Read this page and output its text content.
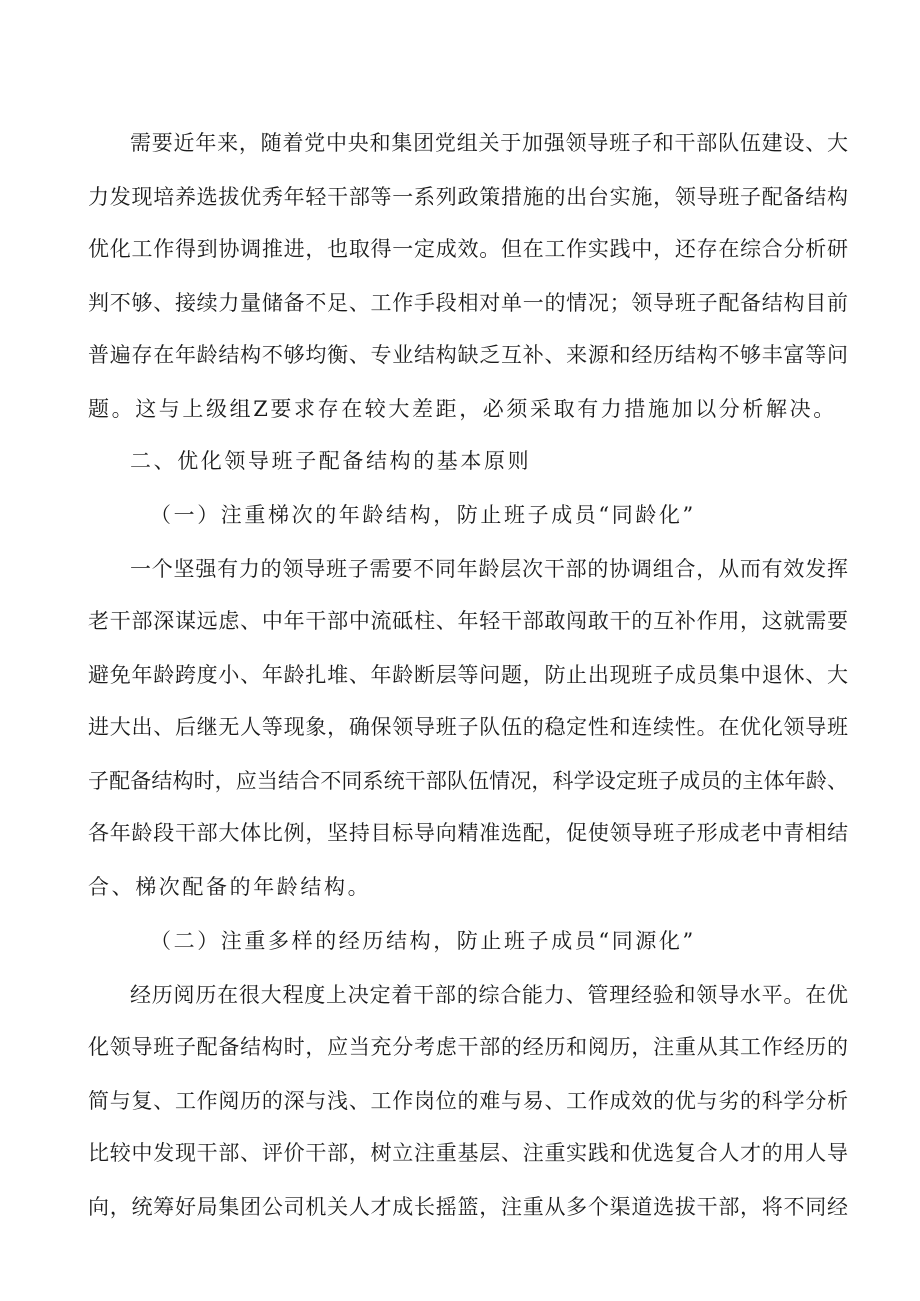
需要近年来，随着党中央和集团党组关于加强领导班子和干部队伍建设、大
力发现培养选拔优秀年轻干部等一系列政策措施的出台实施，领导班子配备结构
优化工作得到协调推进，也取得一定成效。但在工作实践中，还存在综合分析研
判不够、接续力量储备不足、工作手段相对单一的情况；领导班子配备结构目前
普遍存在年龄结构不够均衡、专业结构缺乏互补、来源和经历结构不够丰富等问
题。这与上级组Z要求存在较大差距，必须采取有力措施加以分析解决。
二、优化领导班子配备结构的基本原则
（一）注重梯次的年龄结构，防止班子成员“同龄化”
一个坚强有力的领导班子需要不同年龄层次干部的协调组合，从而有效发挥
老干部深谋远虑、中年干部中流砥柱、年轻干部敢闯敢干的互补作用，这就需要
避免年龄跨度小、年龄扎堆、年龄断层等问题，防止出现班子成员集中退休、大
进大出、后继无人等现象，确保领导班子队伍的稳定性和连续性。在优化领导班
子配备结构时，应当结合不同系统干部队伍情况，科学设定班子成员的主体年龄、
各年龄段干部大体比例，坚持目标导向精准选配，促使领导班子形成老中青相结
合、梯次配备的年龄结构。
（二）注重多样的经历结构，防止班子成员“同源化”
经历阅历在很大程度上决定着干部的综合能力、管理经验和领导水平。在优
化领导班子配备结构时，应当充分考虑干部的经历和阅历，注重从其工作经历的
简与复、工作阅历的深与浅、工作岗位的难与易、工作成效的优与劣的科学分析
比较中发现干部、评价干部，树立注重基层、注重实践和优选复合人才的用人导
向，统筹好局集团公司机关人才成长摇篮，注重从多个渠道选拔干部，将不同经
